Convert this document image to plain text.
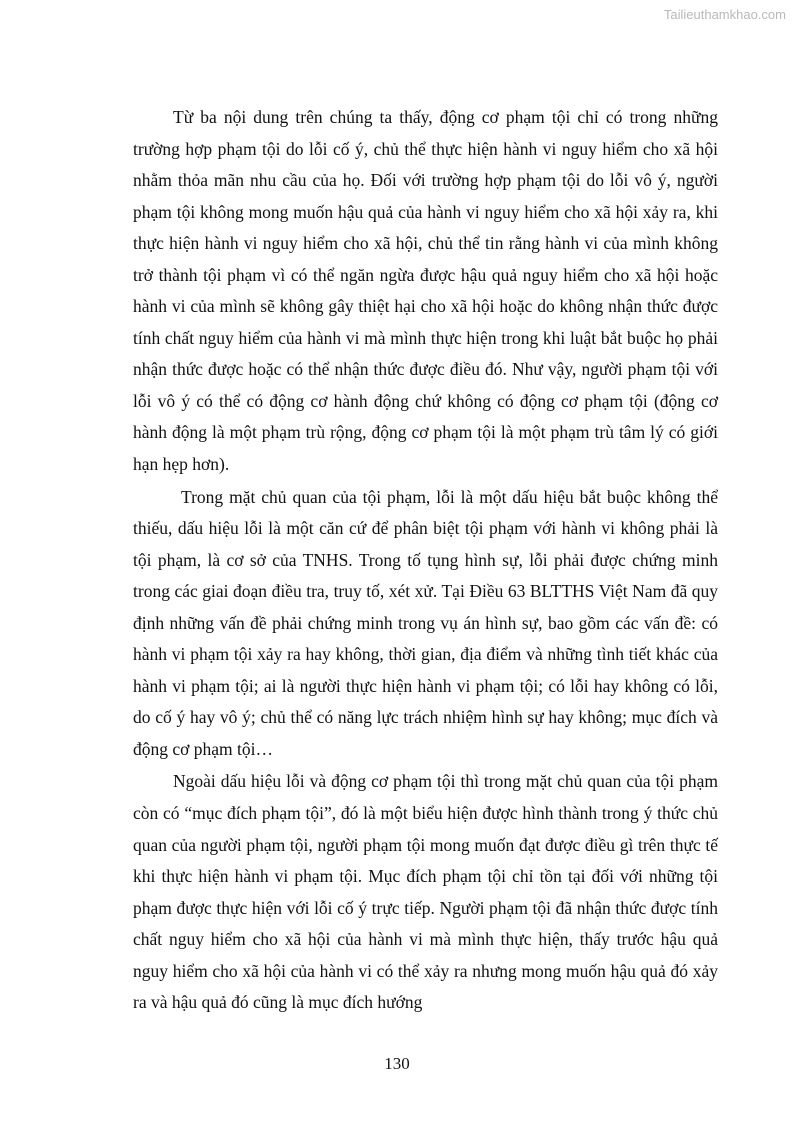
Tailieuthamkhao.com

Từ ba nội dung trên chúng ta thấy, động cơ phạm tội chỉ có trong những trường hợp phạm tội do lỗi cố ý, chủ thể thực hiện hành vi nguy hiểm cho xã hội nhằm thỏa mãn nhu cầu của họ. Đối với trường hợp phạm tội do lỗi vô ý, người phạm tội không mong muốn hậu quả của hành vi nguy hiểm cho xã hội xảy ra, khi thực hiện hành vi nguy hiểm cho xã hội, chủ thể tin rằng hành vi của mình không trở thành tội phạm vì có thể ngăn ngừa được hậu quả nguy hiểm cho xã hội hoặc hành vi của mình sẽ không gây thiệt hại cho xã hội hoặc do không nhận thức được tính chất nguy hiểm của hành vi mà mình thực hiện trong khi luật bắt buộc họ phải nhận thức được hoặc có thể nhận thức được điều đó. Như vậy, người phạm tội với lỗi vô ý có thể có động cơ hành động chứ không có động cơ phạm tội (động cơ hành động là một phạm trù rộng, động cơ phạm tội là một phạm trù tâm lý có giới hạn hẹp hơn).

Trong mặt chủ quan của tội phạm, lỗi là một dấu hiệu bắt buộc không thể thiếu, dấu hiệu lỗi là một căn cứ để phân biệt tội phạm với hành vi không phải là tội phạm, là cơ sở của TNHS. Trong tố tụng hình sự, lỗi phải được chứng minh trong các giai đoạn điều tra, truy tố, xét xử. Tại Điều 63 BLTTHS Việt Nam đã quy định những vấn đề phải chứng minh trong vụ án hình sự, bao gồm các vấn đề: có hành vi phạm tội xảy ra hay không, thời gian, địa điểm và những tình tiết khác của hành vi phạm tội; ai là người thực hiện hành vi phạm tội; có lỗi hay không có lỗi, do cố ý hay vô ý; chủ thể có năng lực trách nhiệm hình sự hay không; mục đích và động cơ phạm tội…

Ngoài dấu hiệu lỗi và động cơ phạm tội thì trong mặt chủ quan của tội phạm còn có “mục đích phạm tội”, đó là một biểu hiện được hình thành trong ý thức chủ quan của người phạm tội, người phạm tội mong muốn đạt được điều gì trên thực tế khi thực hiện hành vi phạm tội. Mục đích phạm tội chỉ tồn tại đối với những tội phạm được thực hiện với lỗi cố ý trực tiếp. Người phạm tội đã nhận thức được tính chất nguy hiểm cho xã hội của hành vi mà mình thực hiện, thấy trước hậu quả nguy hiểm cho xã hội của hành vi có thể xảy ra nhưng mong muốn hậu quả đó xảy ra và hậu quả đó cũng là mục đích hướng

130
